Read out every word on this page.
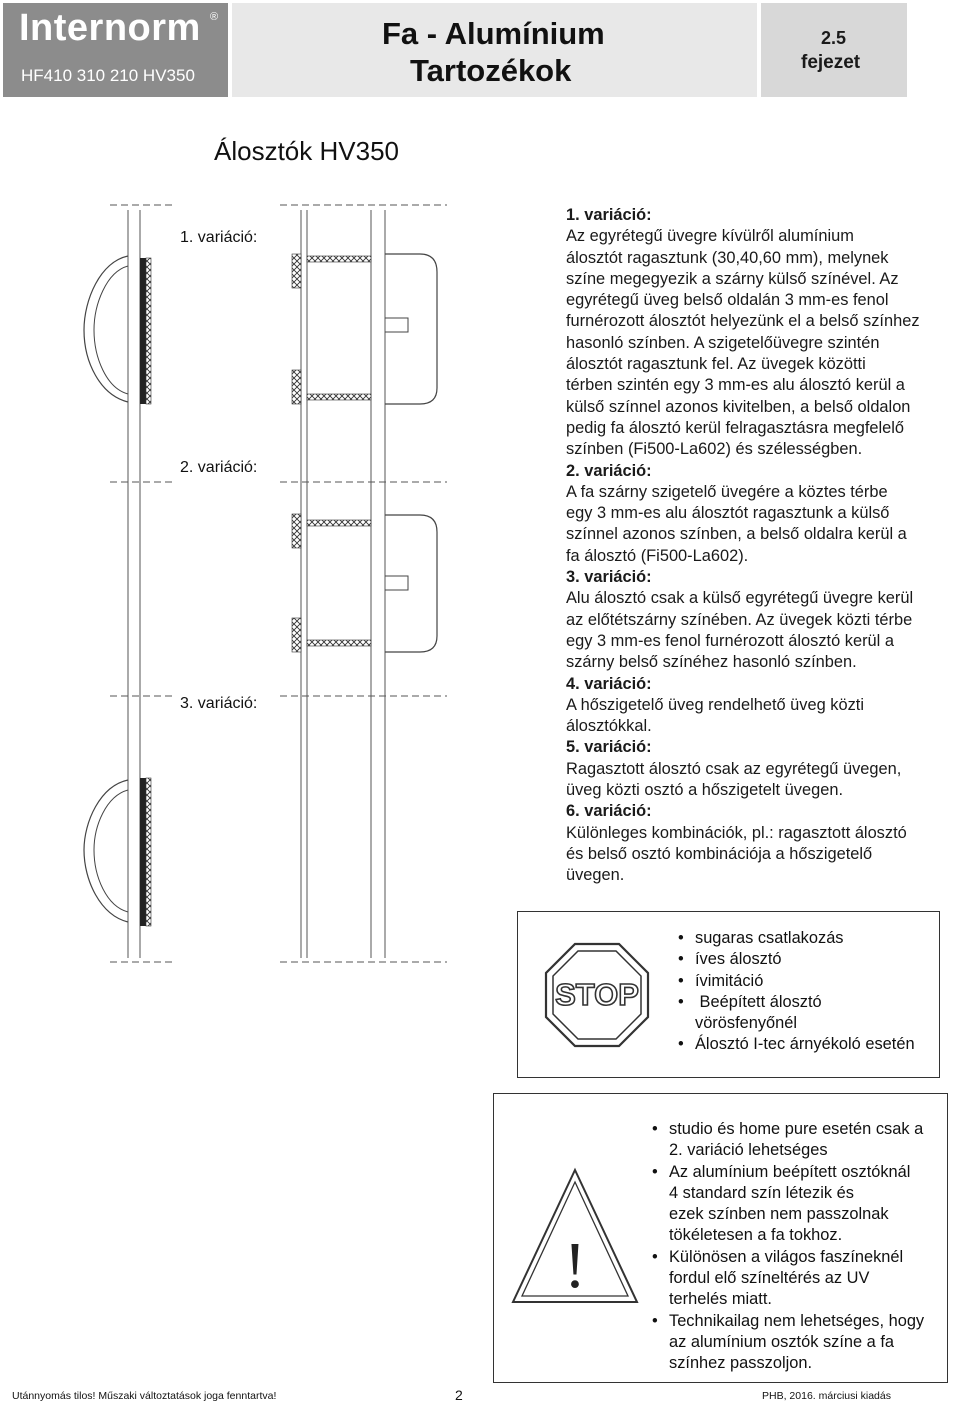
Internorm ®
HF410 310 210 HV350
Fa - Alumínium
Tartozékok
2.5
fejezet
Álosztók HV350
1. variáció:
2. variáció:
3. variáció:
1. variáció:
Az egyrétegű üvegre kívülről alumínium
álosztót ragasztunk (30,40,60 mm), melynek
színe megegyezik a szárny külső színével. Az
egyrétegű üveg belső oldalán 3 mm-es fenol
furnérozott álosztót helyezünk el a belső színhez
hasonló színben. A szigetelőüvegre szintén
álosztót ragasztunk fel. Az üvegek közötti
térben szintén egy 3 mm-es alu álosztó kerül a
külső színnel azonos kivitelben, a belső oldalon
pedig fa álosztó kerül felragasztásra megfelelő
színben (Fi500-La602) és szélességben.
2. variáció:
A fa szárny szigetelő üvegére a köztes térbe
egy 3 mm-es alu álosztót ragasztunk a külső
színnel azonos színben, a belső oldalra kerül a
fa álosztó (Fi500-La602).
3. variáció:
Alu álosztó csak a külső egyrétegű üvegre kerül
az előtétszárny színében. Az üvegek közti térbe
egy 3 mm-es fenol furnérozott álosztó kerül a
szárny belső színéhez hasonló színben.
4. variáció:
A hőszigetelő üveg rendelhető üveg közti
álosztókkal.
5. variáció:
Ragasztott álosztó csak az egyrétegű üvegen,
üveg közti osztó a hőszigetelt üvegen.
6. variáció:
Különleges kombinációk, pl.: ragasztott álosztó
és belső osztó kombinációja a hőszigetelő
üvegen.
STOP
• sugaras csatlakozás
• íves álosztó
• ívimitáció
•  Beépített álosztó
vörösfenyőnél
• Álosztó I-tec árnyékoló esetén
!
• studio és home pure esetén csak a
2. variáció lehetséges
• Az alumínium beépített osztóknál
4 standard szín létezik és
ezek színben nem passzolnak
tökéletesen a fa tokhoz.
• Különösen a világos faszíneknél
fordul elő színeltérés az UV
terhelés miatt.
• Technikailag nem lehetséges, hogy
az alumínium osztók színe a fa
színhez passzoljon.
Utánnyomás tilos! Műszaki változtatások joga fenntartva!	2	PHB, 2016. márciusi kiadás
